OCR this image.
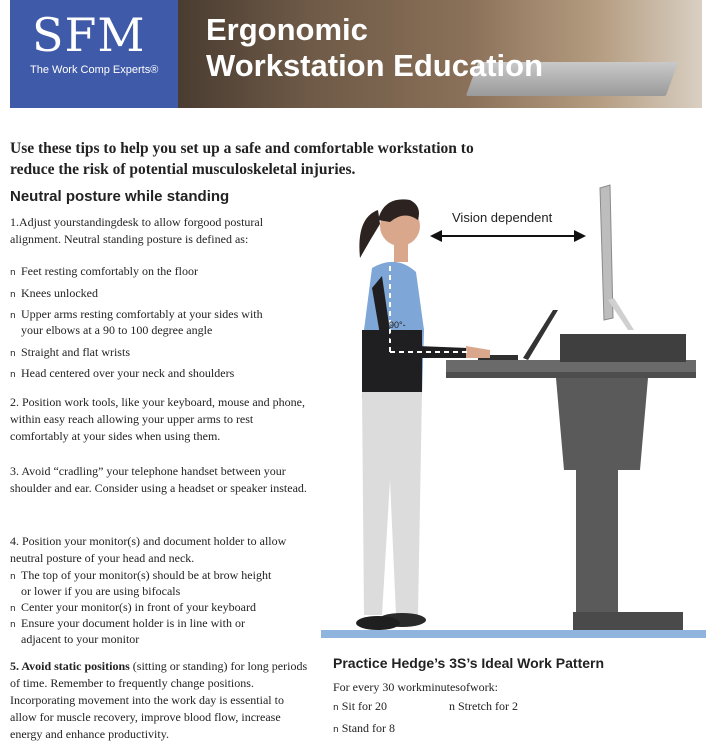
SFM
The Work Comp Experts®
Ergonomic
Workstation Education
Use these tips to help you set up a safe and comfortable workstation to reduce the risk of potential musculoskeletal injuries.
Neutral posture while standing
1.Adjust yourstandingdesk to allow forgood postural alignment. Neutral standing posture is defined as:
n Feet resting comfortably on the floor
n Knees unlocked
n Upper arms resting comfortably at your sides with
your elbows at a 90 to 100 degree angle
n Straight and flat wrists
n Head centered over your neck and shoulders
2. Position work tools, like your keyboard, mouse and phone, within easy reach allowing your upper arms to rest comfortably at your sides when using them.
3. Avoid “cradling” your telephone handset between your shoulder and ear. Consider using a headset or speaker instead.
4. Position your monitor(s) and document holder to allow neutral posture of your head and neck.
n The top of your monitor(s) should be at brow height
or lower if you are using bifocals
n Center your monitor(s) in front of your keyboard
n Ensure your document holder is in line with or
adjacent to your monitor
5. Avoid static positions (sitting or standing) for long periods of time. Remember to frequently change positions. Incorporating movement into the work day is essential to allow for muscle recovery, improve blood flow, increase energy and enhance productivity.
Vision dependent
90°-
100°
Practice Hedge’s 3S’s Ideal Work Pattern
For every 30 workminutesofwork:
n Sit for 20	n Stretch for 2
n Stand for 8
